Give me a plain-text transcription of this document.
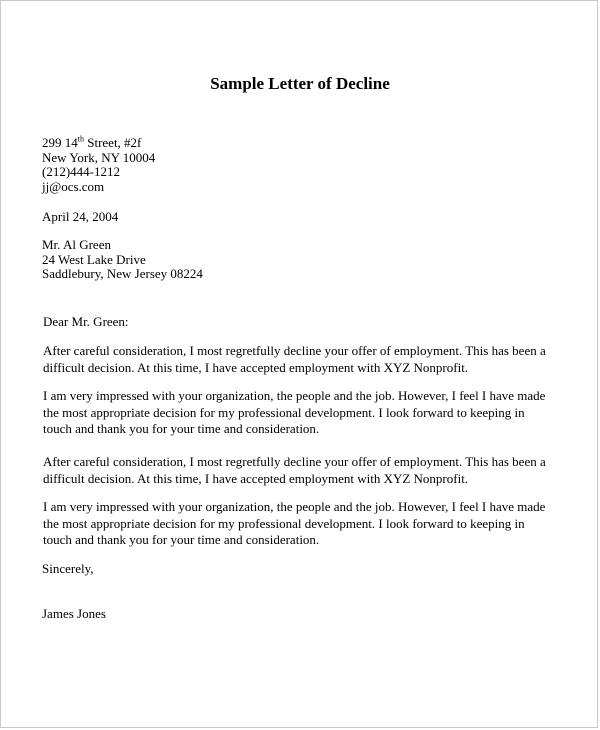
Sample Letter of Decline
299 14th Street, #2f
New York, NY 10004
(212)444-1212
jj@ocs.com
April 24, 2004
Mr. Al Green
24 West Lake Drive
Saddlebury, New Jersey 08224
Dear Mr. Green:
After careful consideration, I most regretfully decline your offer of employment. This has been a
difficult decision. At this time, I have accepted employment with XYZ Nonprofit.
I am very impressed with your organization, the people and the job. However, I feel I have made
the most appropriate decision for my professional development. I look forward to keeping in
touch and thank you for your time and consideration.
After careful consideration, I most regretfully decline your offer of employment. This has been a
difficult decision. At this time, I have accepted employment with XYZ Nonprofit.
I am very impressed with your organization, the people and the job. However, I feel I have made
the most appropriate decision for my professional development. I look forward to keeping in
touch and thank you for your time and consideration.
Sincerely,
James Jones
